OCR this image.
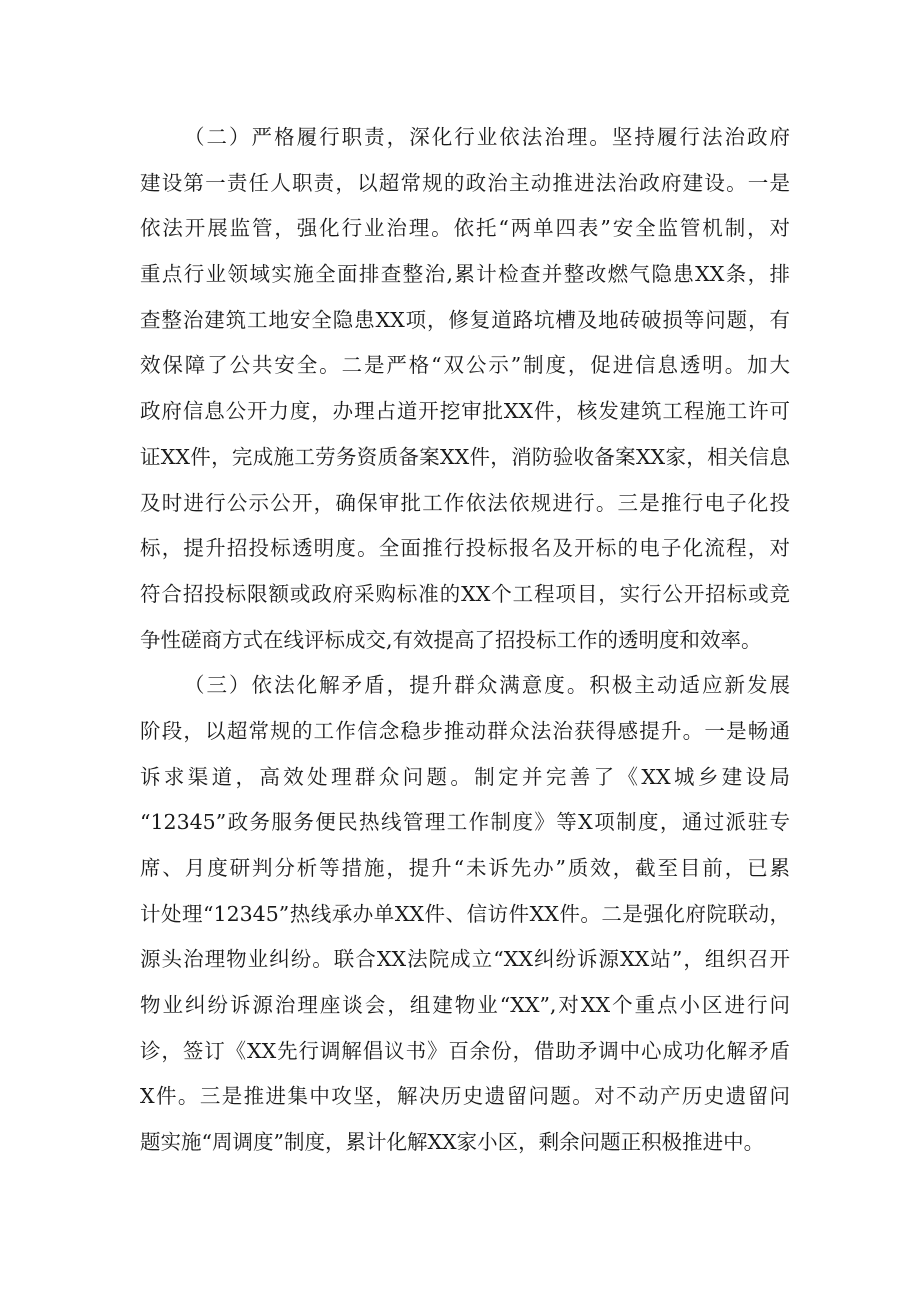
（二）严格履行职责，深化行业依法治理。坚持履行法治政府
建设第一责任人职责，以超常规的政治主动推进法治政府建设。一是
依法开展监管，强化行业治理。依托“两单四表”安全监管机制，对
重点行业领域实施全面排查整治,累计检查并整改燃气隐患XX条，排
查整治建筑工地安全隐患XX项，修复道路坑槽及地砖破损等问题，有
效保障了公共安全。二是严格“双公示”制度，促进信息透明。加大
政府信息公开力度，办理占道开挖审批XX件，核发建筑工程施工许可
证XX件，完成施工劳务资质备案XX件，消防验收备案XX家，相关信息
及时进行公示公开，确保审批工作依法依规进行。三是推行电子化投
标，提升招投标透明度。全面推行投标报名及开标的电子化流程，对
符合招投标限额或政府采购标准的XX个工程项目，实行公开招标或竞
争性磋商方式在线评标成交,有效提高了招投标工作的透明度和效率。
（三）依法化解矛盾，提升群众满意度。积极主动适应新发展
阶段，以超常规的工作信念稳步推动群众法治获得感提升。一是畅通
诉求渠道，高效处理群众问题。制定并完善了《XX城乡建设局
“12345”政务服务便民热线管理工作制度》等X项制度，通过派驻专
席、月度研判分析等措施，提升“未诉先办”质效，截至目前，已累
计处理“12345”热线承办单XX件、信访件XX件。二是强化府院联动，
源头治理物业纠纷。联合XX法院成立“XX纠纷诉源XX站”，组织召开
物业纠纷诉源治理座谈会，组建物业“XX”,对XX个重点小区进行问
诊，签订《XX先行调解倡议书》百余份，借助矛调中心成功化解矛盾
X件。三是推进集中攻坚，解决历史遗留问题。对不动产历史遗留问
题实施“周调度”制度，累计化解XX家小区，剩余问题正积极推进中。
